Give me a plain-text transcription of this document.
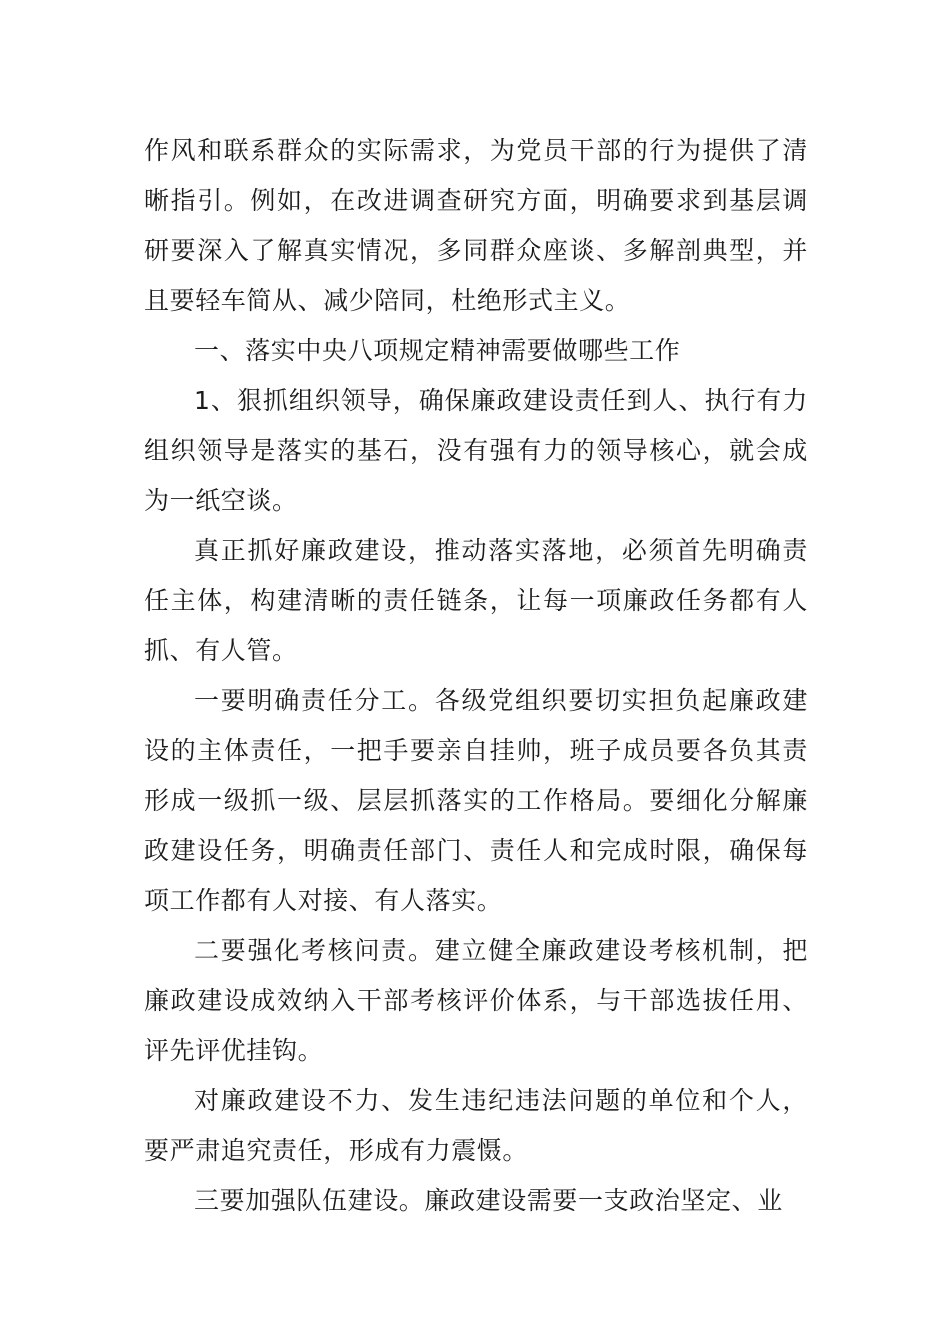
作风和联系群众的实际需求，为党员干部的行为提供了清晰指引。例如，在改进调查研究方面，明确要求到基层调研要深入了解真实情况，多同群众座谈、多解剖典型，并且要轻车简从、减少陪同，杜绝形式主义。

一、落实中央八项规定精神需要做哪些工作

1、狠抓组织领导，确保廉政建设责任到人、执行有力组织领导是落实的基石，没有强有力的领导核心，就会成为一纸空谈。

真正抓好廉政建设，推动落实落地，必须首先明确责任主体，构建清晰的责任链条，让每一项廉政任务都有人抓、有人管。

一要明确责任分工。各级党组织要切实担负起廉政建设的主体责任，一把手要亲自挂帅，班子成员要各负其责形成一级抓一级、层层抓落实的工作格局。要细化分解廉政建设任务，明确责任部门、责任人和完成时限，确保每项工作都有人对接、有人落实。

二要强化考核问责。建立健全廉政建设考核机制，把廉政建设成效纳入干部考核评价体系，与干部选拔任用、评先评优挂钩。

对廉政建设不力、发生违纪违法问题的单位和个人，要严肃追究责任，形成有力震慑。

三要加强队伍建设。廉政建设需要一支政治坚定、业
